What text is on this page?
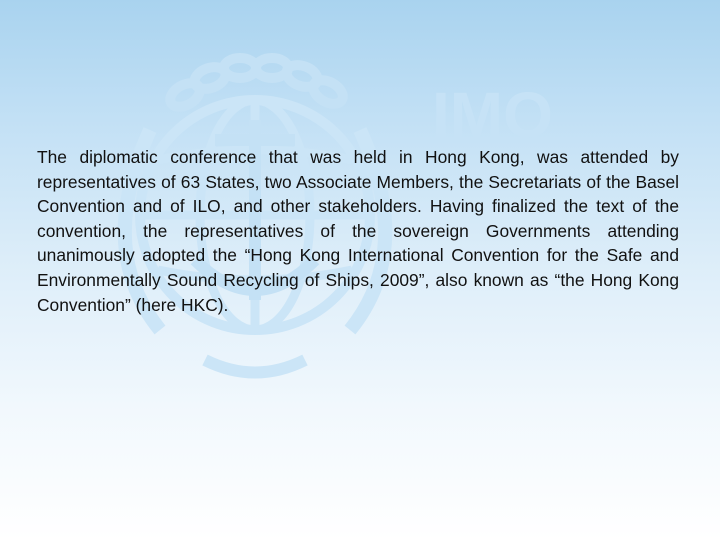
IMO

The diplomatic conference that was held in Hong Kong, was attended by representatives of 63 States, two Associate Members, the Secretariats of the Basel Convention and of ILO, and other stakeholders. Having finalized the text of the convention, the representatives of the sovereign Governments attending unanimously adopted the “Hong Kong International Convention for the Safe and Environmentally Sound Recycling of Ships, 2009”, also known as “the Hong Kong Convention” (here HKC).
